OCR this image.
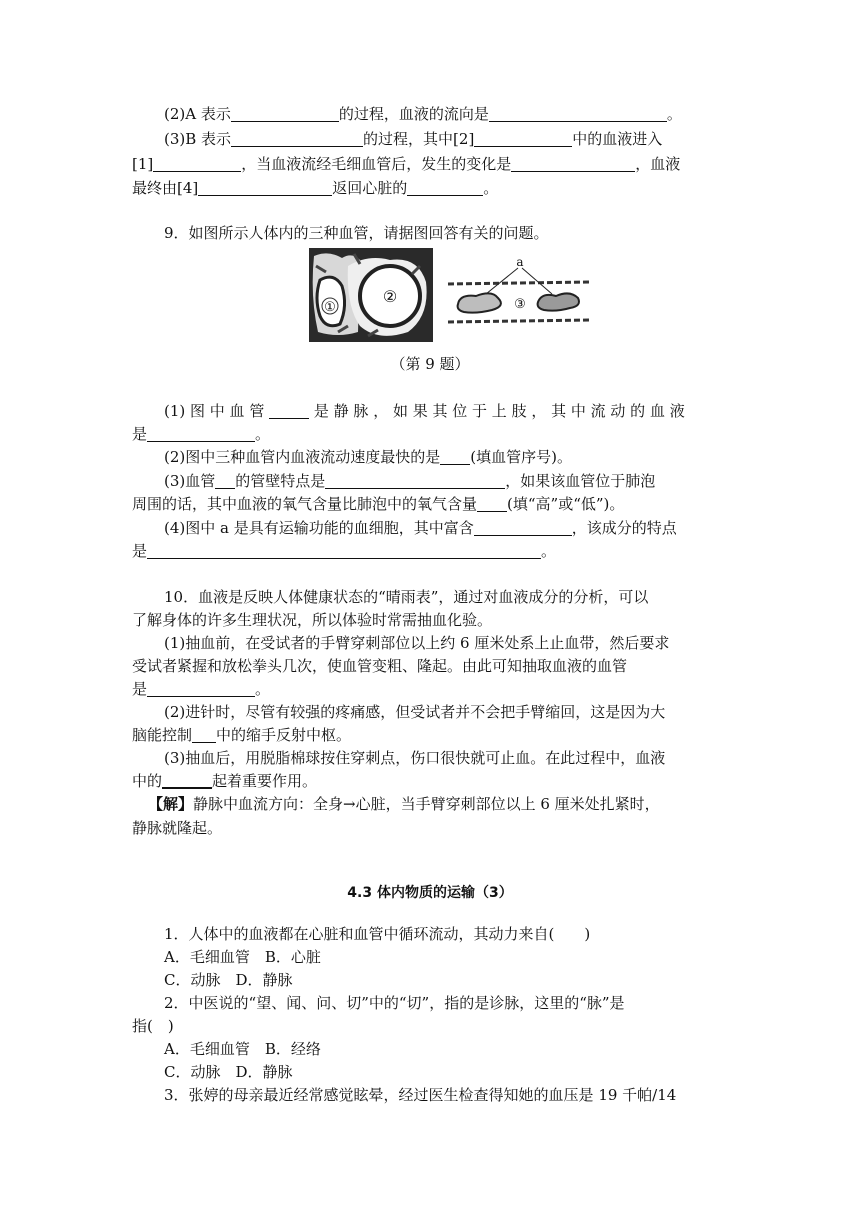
(2)A 表示	的过程，血液的流向是	。
(3)B 表示	的过程，其中[2]	中的血液进入
[1]	，当血液流经毛细血管后，发生的变化是	，血液
最终由[4]	返回心脏的	。
9．如图所示人体内的三种血管，请据图回答有关的问题。
①
②
a
③
（第 9 题）
(1) 图 中 血 管	是 静 脉 ， 如 果 其 位 于 上 肢 ， 其 中 流 动 的 血 液
是	。
(2)图中三种血管内血液流动速度最快的是 (填血管序号)。
(3)血管 的管壁特点是	，如果该血管位于肺泡
周围的话，其中血液的氧气含量比肺泡中的氧气含量 (填“高”或“低”)。
(4)图中 a 是具有运输功能的血细胞，其中富含	，该成分的特点
是	。
10．血液是反映人体健康状态的“晴雨表”，通过对血液成分的分析，可以
了解身体的许多生理状况，所以体验时常需抽血化验。
(1)抽血前，在受试者的手臂穿刺部位以上约 6 厘米处系上止血带，然后要求
受试者紧握和放松拳头几次，使血管变粗、隆起。由此可知抽取血液的血管
是	。
(2)进针时，尽管有较强的疼痛感，但受试者并不会把手臂缩回，这是因为大
脑能控制 中的缩手反射中枢。
(3)抽血后，用脱脂棉球按住穿刺点，伤口很快就可止血。在此过程中，血液
中的	起着重要作用。
【解】静脉中血流方向：全身→心脏，当手臂穿刺部位以上 6 厘米处扎紧时，
静脉就隆起。
4.3 体内物质的运输（3）
1．人体中的血液都在心脏和血管中循环流动，其动力来自(　　)
A．毛细血管　B．心脏
C．动脉　D．静脉
2．中医说的“望、闻、问、切”中的“切”，指的是诊脉，这里的“脉”是
指(　)
A．毛细血管　B．经络
C．动脉　D．静脉
3．张婷的母亲最近经常感觉眩晕，经过医生检查得知她的血压是 19 千帕/14
